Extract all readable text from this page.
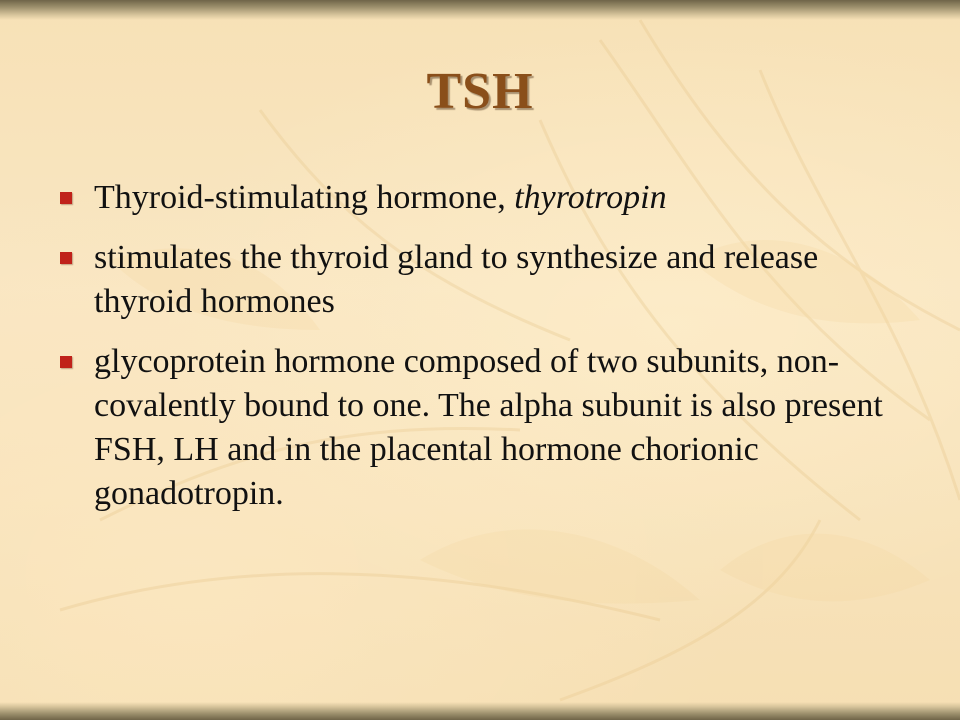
TSH
Thyroid-stimulating hormone, thyrotropin
stimulates the thyroid gland to synthesize and release thyroid hormones
glycoprotein hormone composed of two subunits, non-covalently bound to one. The alpha subunit is also present FSH, LH and in the placental hormone chorionic gonadotropin.
